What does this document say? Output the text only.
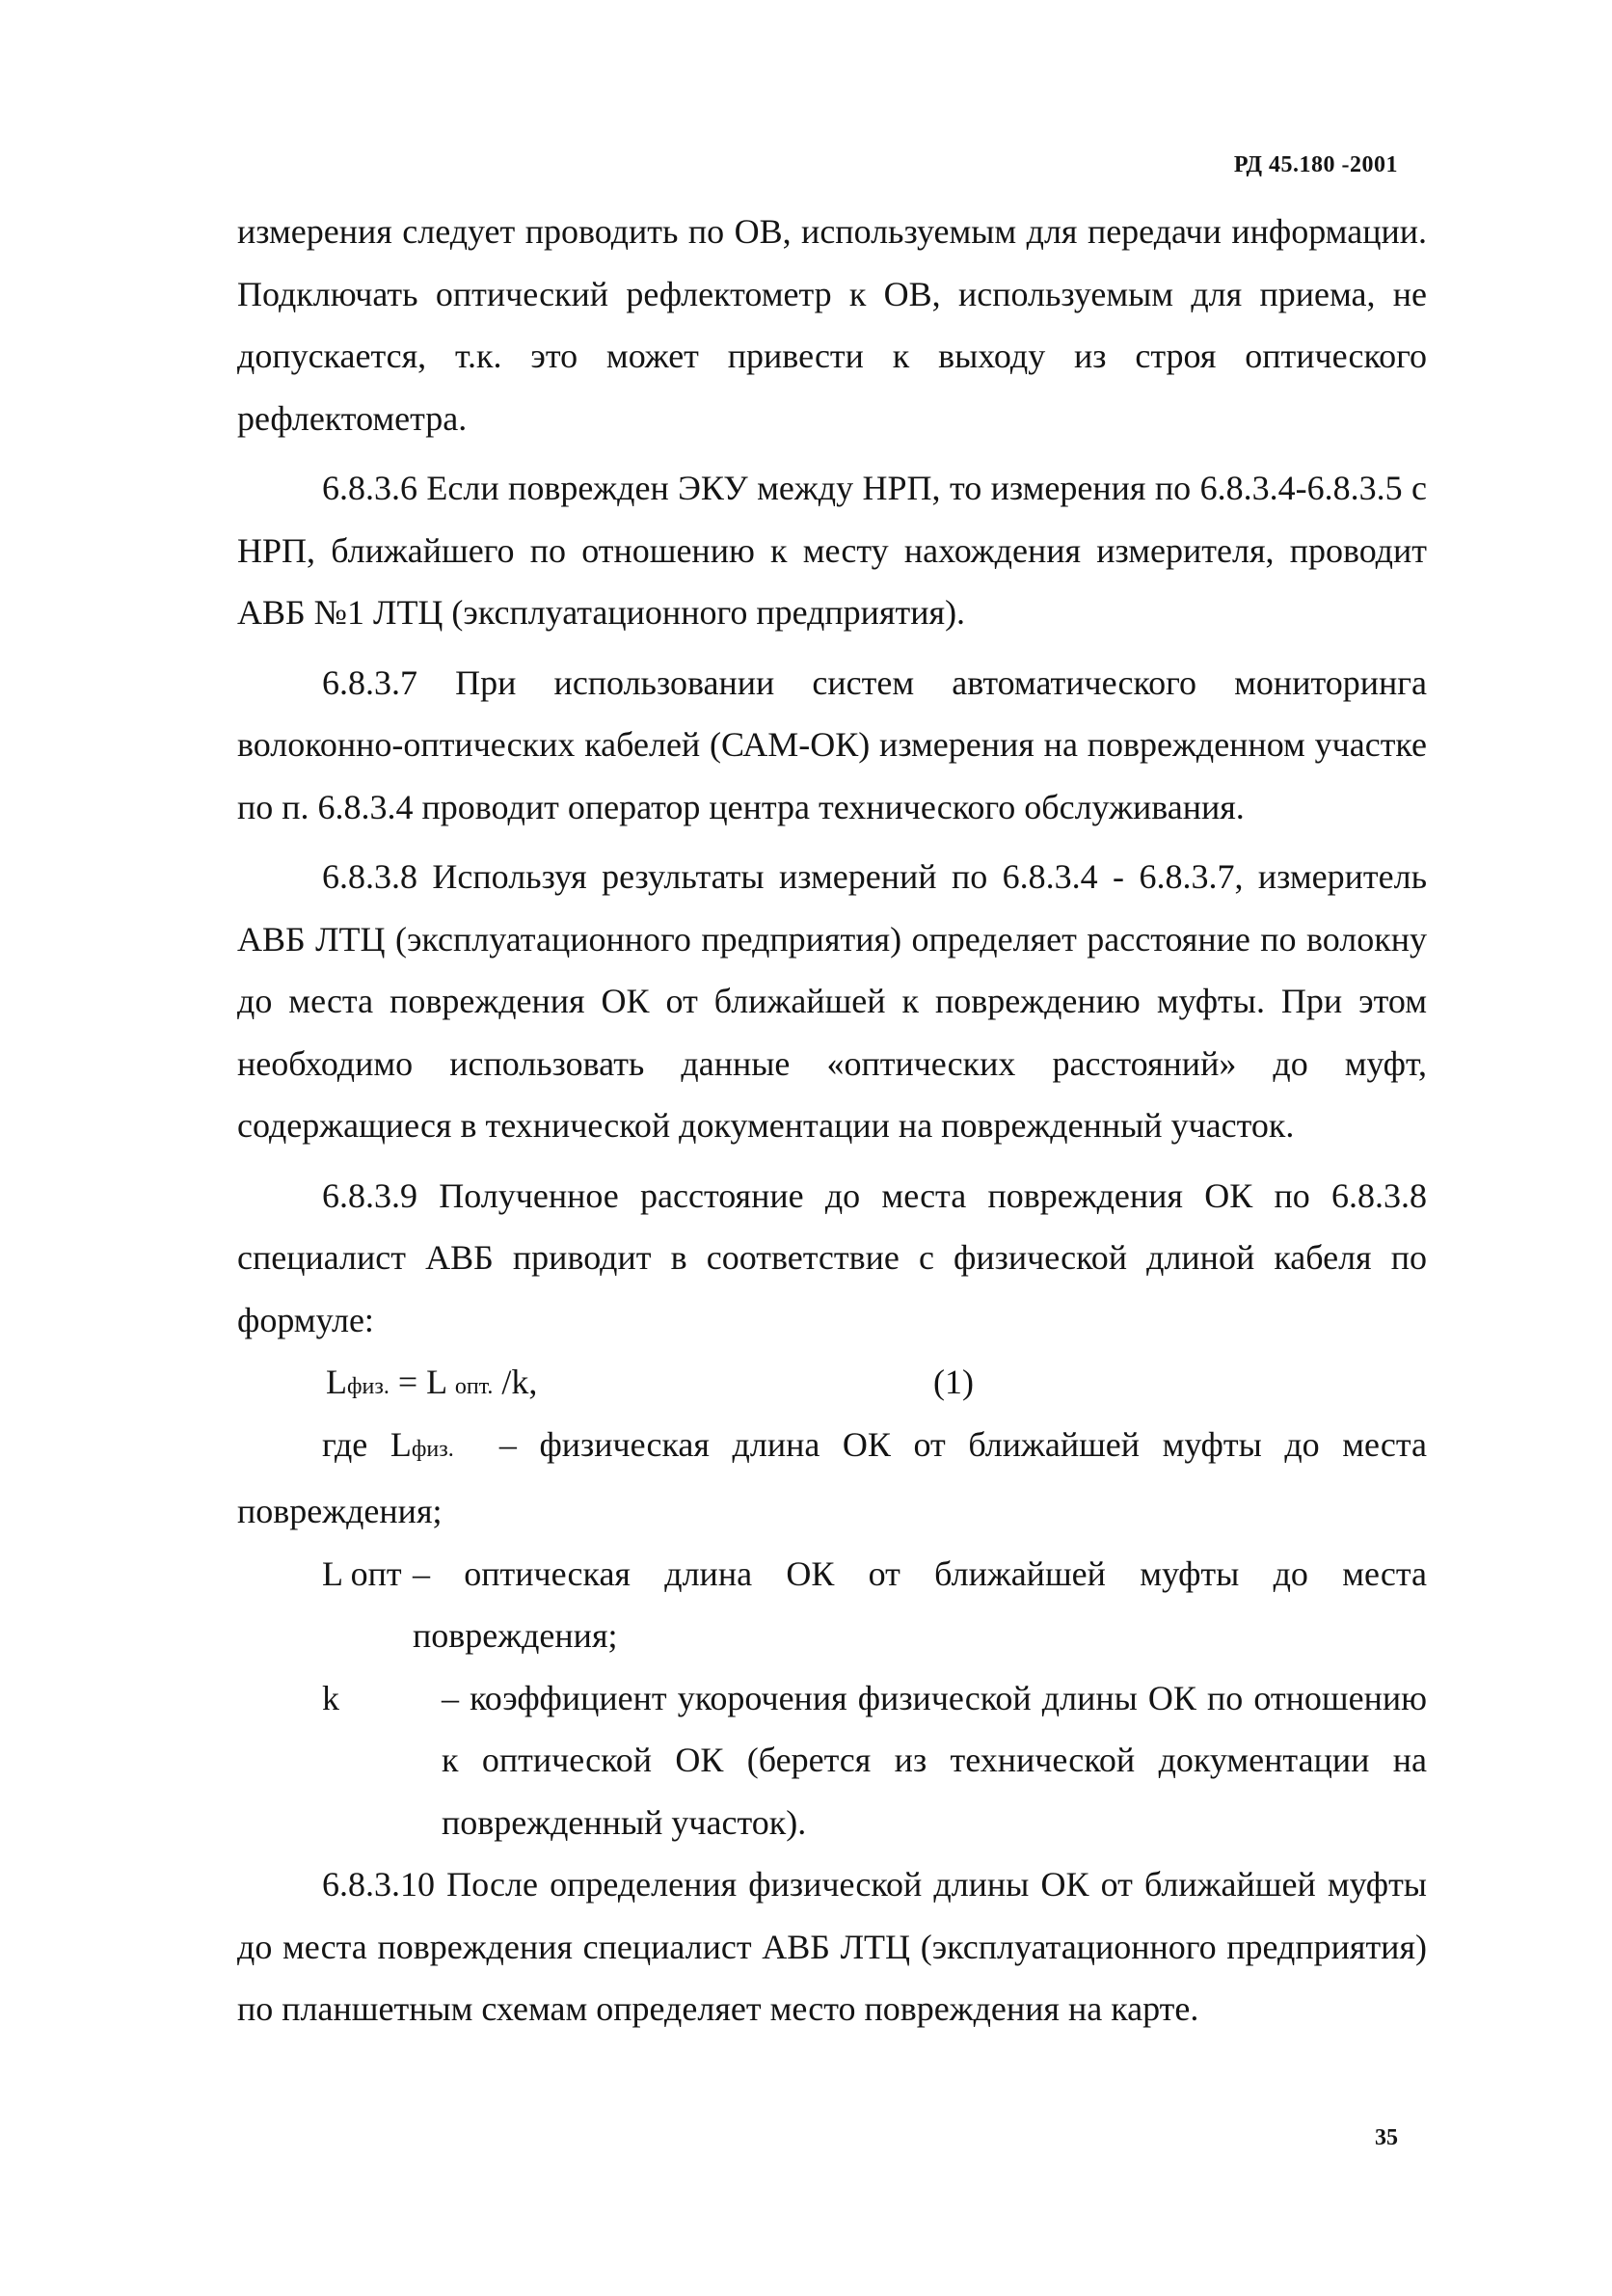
РД 45.180 -2001

измерения следует проводить по ОВ, используемым для передачи информации. Подключать оптический рефлектометр к ОВ, используемым для приема, не допускается, т.к. это может привести к выходу из строя оптического рефлектометра.

6.8.3.6 Если поврежден ЭКУ между НРП, то измерения по 6.8.3.4-6.8.3.5 с НРП, ближайшего по отношению к месту нахождения измерителя, проводит АВБ №1 ЛТЦ (эксплуатационного предприятия).

6.8.3.7 При использовании систем автоматического мониторинга волоконно-оптических кабелей (САМ-ОК) измерения на поврежденном участке по п. 6.8.3.4 проводит оператор центра технического обслуживания.

6.8.3.8 Используя результаты измерений по 6.8.3.4 - 6.8.3.7, измеритель АВБ ЛТЦ (эксплуатационного предприятия) определяет расстояние по волокну до места повреждения ОК от ближайшей к повреждению муфты. При этом необходимо использовать данные «оптических расстояний» до муфт, содержащиеся в технической документации на поврежденный участок.

6.8.3.9 Полученное расстояние до места повреждения ОК по 6.8.3.8 специалист АВБ приводит в соответствие с физической длиной кабеля по формуле:

Lфиз. = L опт. /k,	(1)

где Lфиз. – физическая длина ОК от ближайшей муфты до места повреждения;

L опт – оптическая длина ОК от ближайшей муфты до места повреждения;
k	– коэффициент укорочения физической длины ОК по отношению к оптической ОК (берется из технической документации на поврежденный участок).

6.8.3.10 После определения физической длины ОК от ближайшей муфты до места повреждения специалист АВБ ЛТЦ (эксплуатационного предприятия) по планшетным схемам определяет место повреждения на карте.

35
